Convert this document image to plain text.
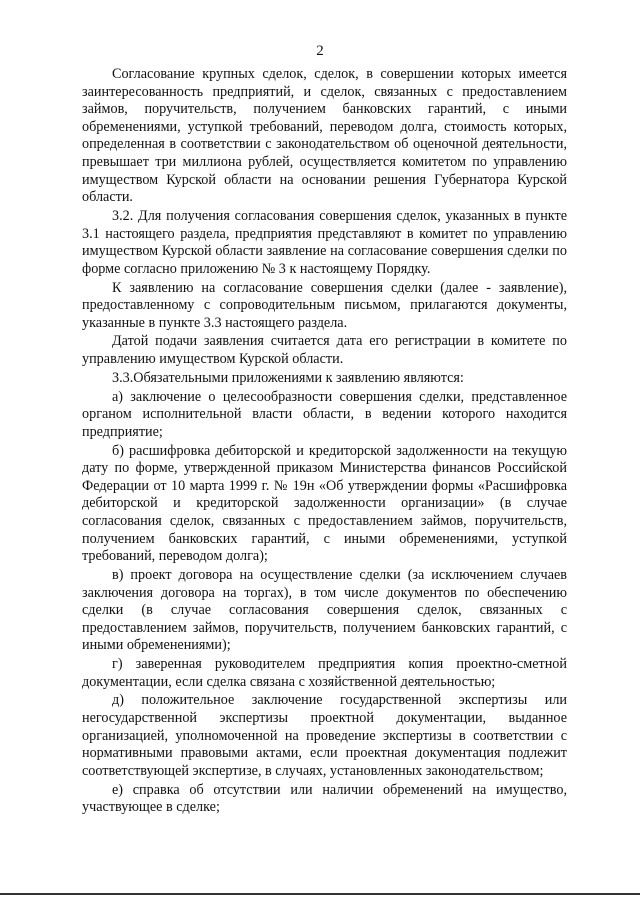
2

Согласование крупных сделок, сделок, в совершении которых имеется заинтересованность предприятий, и сделок, связанных с предоставлением займов, поручительств, получением банковских гарантий, с иными обременениями, уступкой требований, переводом долга, стоимость которых, определенная в соответствии с законодательством об оценочной деятельности, превышает три миллиона рублей, осуществляется комитетом по управлению имуществом Курской области на основании решения Губернатора Курской области.

3.2. Для получения согласования совершения сделок, указанных в пункте 3.1 настоящего раздела, предприятия представляют в комитет по управлению имуществом Курской области заявление на согласование совершения сделки по форме согласно приложению № 3 к настоящему Порядку.

К заявлению на согласование совершения сделки (далее - заявление), предоставленному с сопроводительным письмом, прилагаются документы, указанные в пункте 3.3 настоящего раздела.

Датой подачи заявления считается дата его регистрации в комитете по управлению имуществом Курской области.

3.3.Обязательными приложениями к заявлению являются:

а) заключение о целесообразности совершения сделки, представленное органом исполнительной власти области, в ведении которого находится предприятие;

б) расшифровка дебиторской и кредиторской задолженности на текущую дату по форме, утвержденной приказом Министерства финансов Российской Федерации от 10 марта 1999 г. № 19н «Об утверждении формы «Расшифровка дебиторской и кредиторской задолженности организации» (в случае согласования сделок, связанных с предоставлением займов, поручительств, получением банковских гарантий, с иными обременениями, уступкой требований, переводом долга);

в) проект договора на осуществление сделки (за исключением случаев заключения договора на торгах), в том числе документов по обеспечению сделки (в случае согласования совершения сделок, связанных с предоставлением займов, поручительств, получением банковских гарантий, с иными обременениями);

г) заверенная руководителем предприятия копия проектно-сметной документации, если сделка связана с хозяйственной деятельностью;

д) положительное заключение государственной экспертизы или негосударственной экспертизы проектной документации, выданное организацией, уполномоченной на проведение экспертизы в соответствии с нормативными правовыми актами, если проектная документация подлежит соответствующей экспертизе, в случаях, установленных законодательством;

е) справка об отсутствии или наличии обременений на имущество, участвующее в сделке;
